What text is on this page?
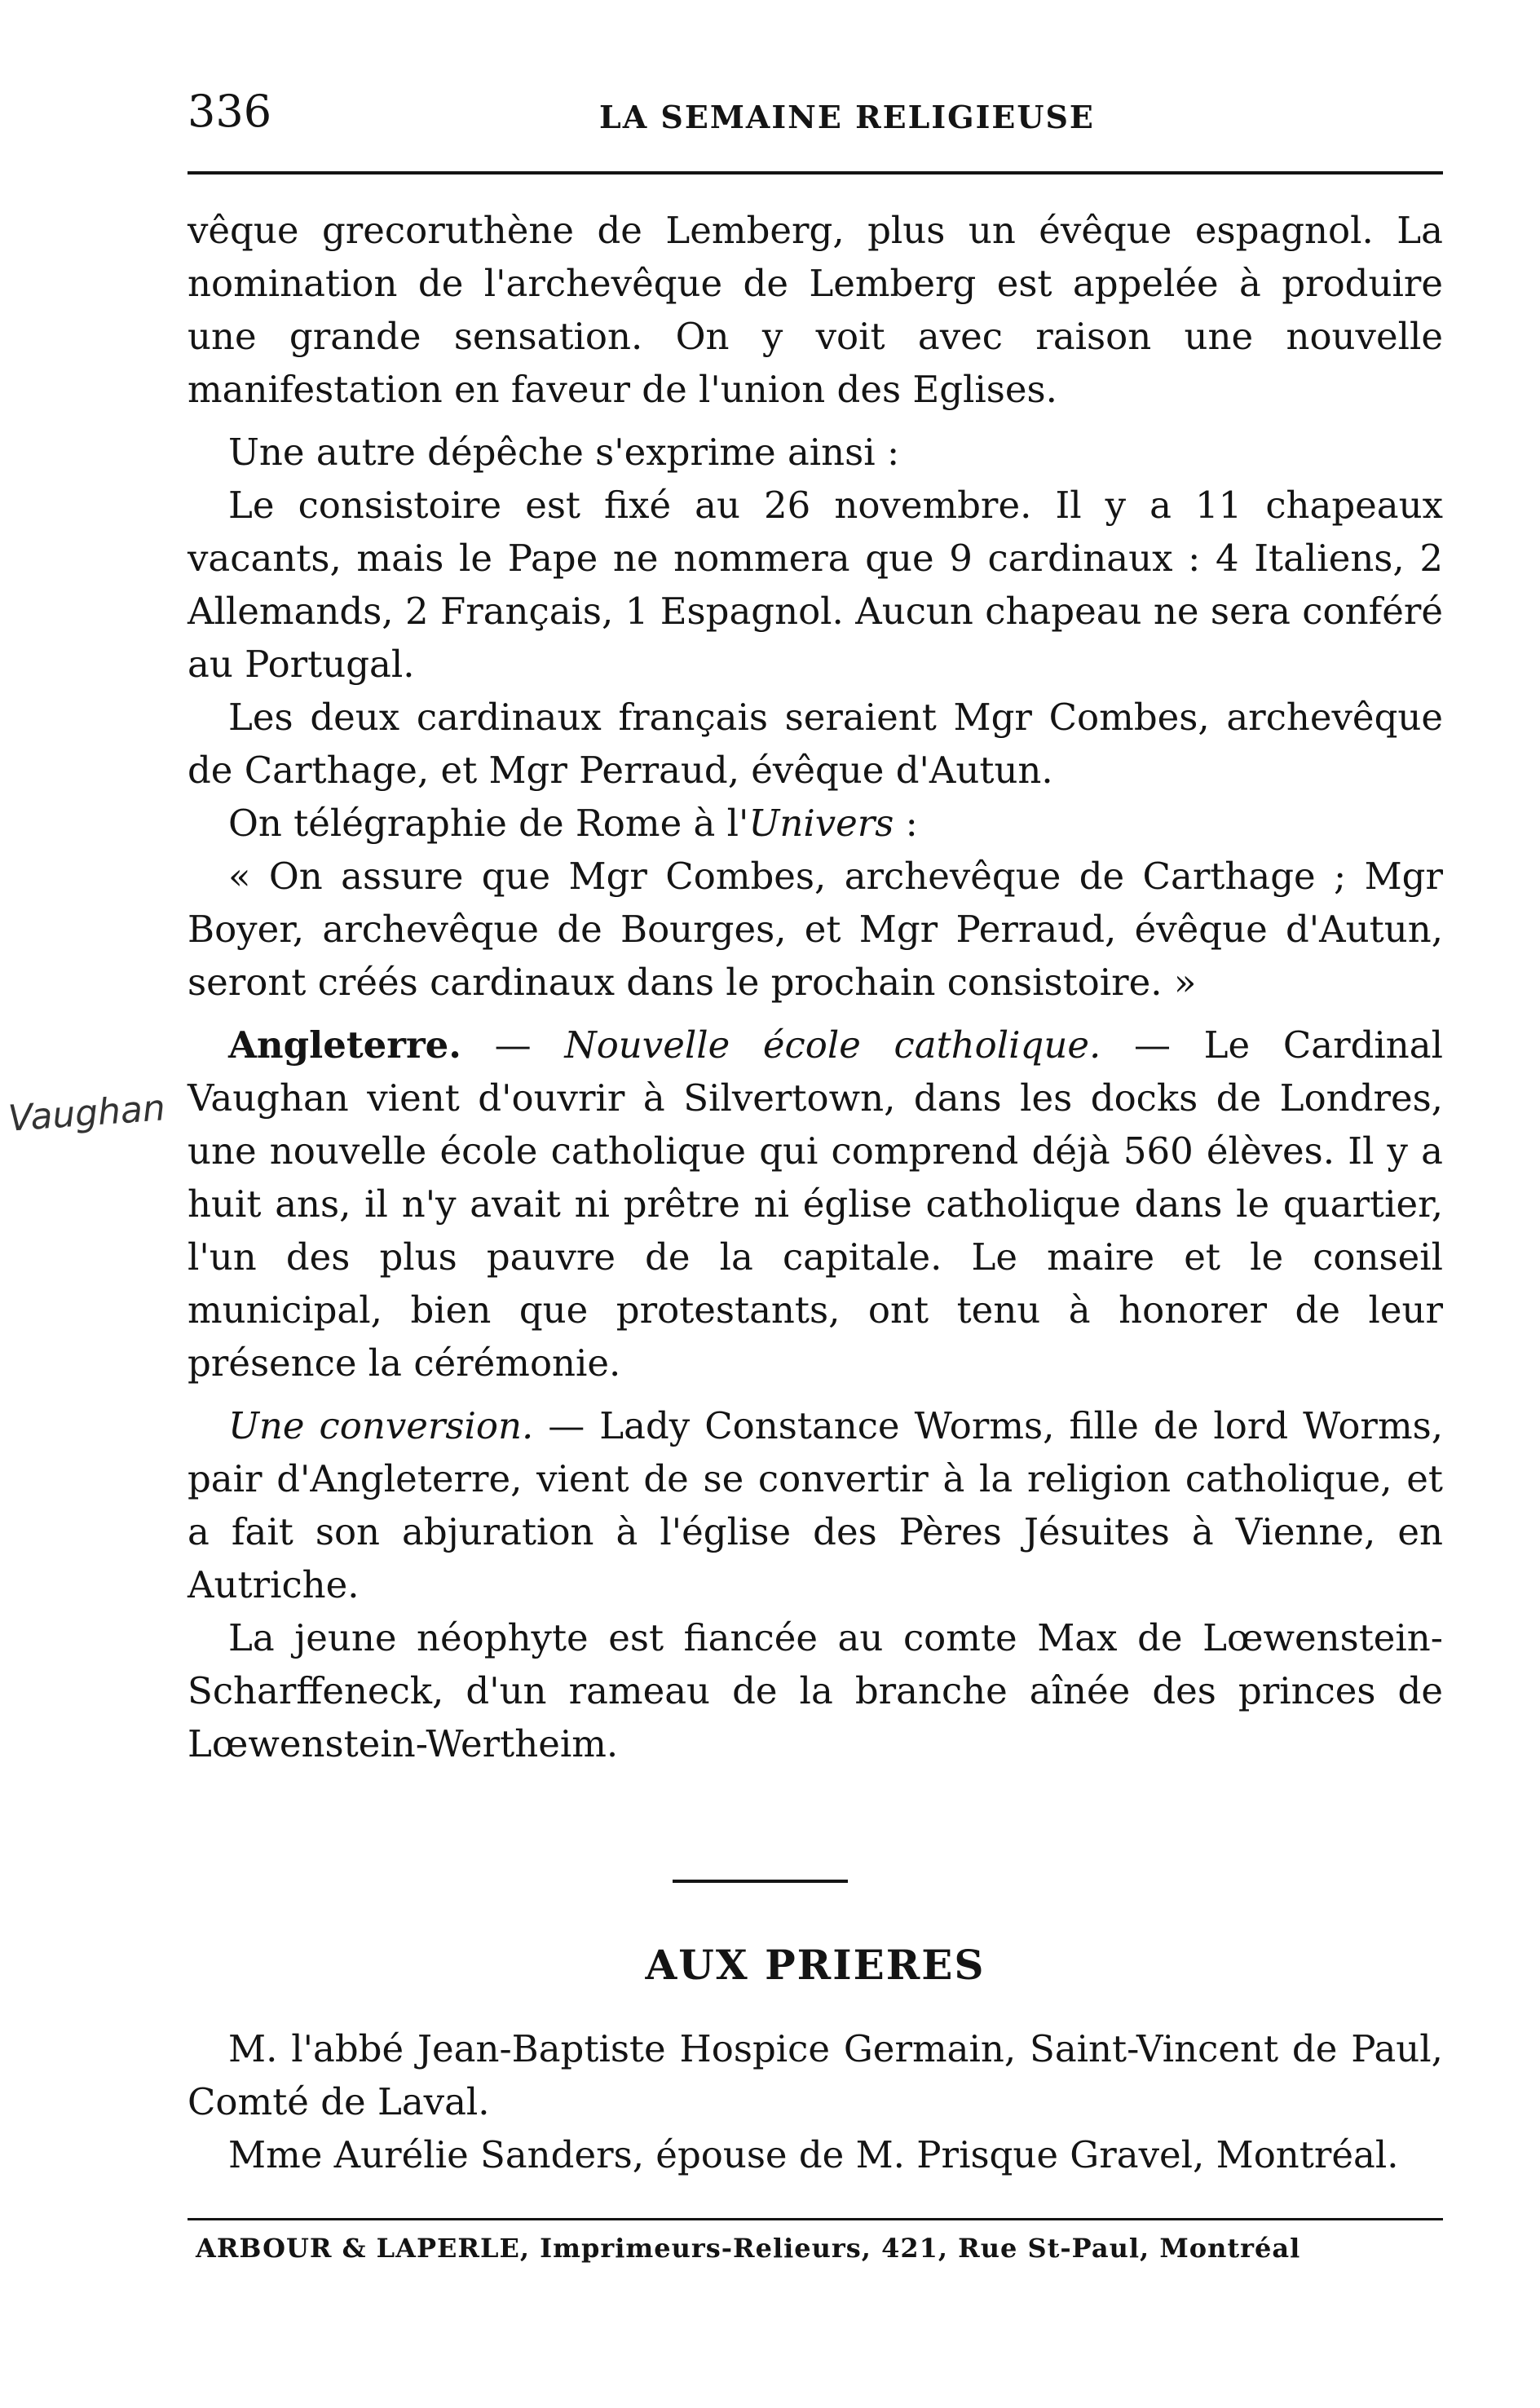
336	LA SEMAINE RELIGIEUSE
Vaughan

vêque grecoruthène de Lemberg, plus un évêque espagnol. La nomination de l'archevêque de Lemberg est appelée à produire une grande sensation. On y voit avec raison une nouvelle manifestation en faveur de l'union des Eglises.

Une autre dépêche s'exprime ainsi :

Le consistoire est fixé au 26 novembre. Il y a 11 chapeaux vacants, mais le Pape ne nommera que 9 cardinaux : 4 Italiens, 2 Allemands, 2 Français, 1 Espagnol. Aucun chapeau ne sera conféré au Portugal.

Les deux cardinaux français seraient Mgr Combes, archevêque de Carthage, et Mgr Perraud, évêque d'Autun.

On télégraphie de Rome à l'Univers :

« On assure que Mgr Combes, archevêque de Carthage ; Mgr Boyer, archevêque de Bourges, et Mgr Perraud, évêque d'Autun, seront créés cardinaux dans le prochain consistoire. »

Angleterre. — Nouvelle école catholique. — Le Cardinal Vaughan vient d'ouvrir à Silvertown, dans les docks de Londres, une nouvelle école catholique qui comprend déjà 560 élèves. Il y a huit ans, il n'y avait ni prêtre ni église catholique dans le quartier, l'un des plus pauvre de la capitale. Le maire et le conseil municipal, bien que protestants, ont tenu à honorer de leur présence la cérémonie.

Une conversion. — Lady Constance Worms, fille de lord Worms, pair d'Angleterre, vient de se convertir à la religion catholique, et a fait son abjuration à l'église des Pères Jésuites à Vienne, en Autriche.

La jeune néophyte est fiancée au comte Max de Lœwenstein- Scharffeneck, d'un rameau de la branche aînée des princes de Lœwenstein-Wertheim.

AUX PRIERES

M. l'abbé Jean-Baptiste Hospice Germain, Saint-Vincent de Paul, Comté de Laval.

Mme Aurélie Sanders, épouse de M. Prisque Gravel, Montréal.

ARBOUR & LAPERLE, Imprimeurs-Relieurs, 421, Rue St-Paul, Montréal
